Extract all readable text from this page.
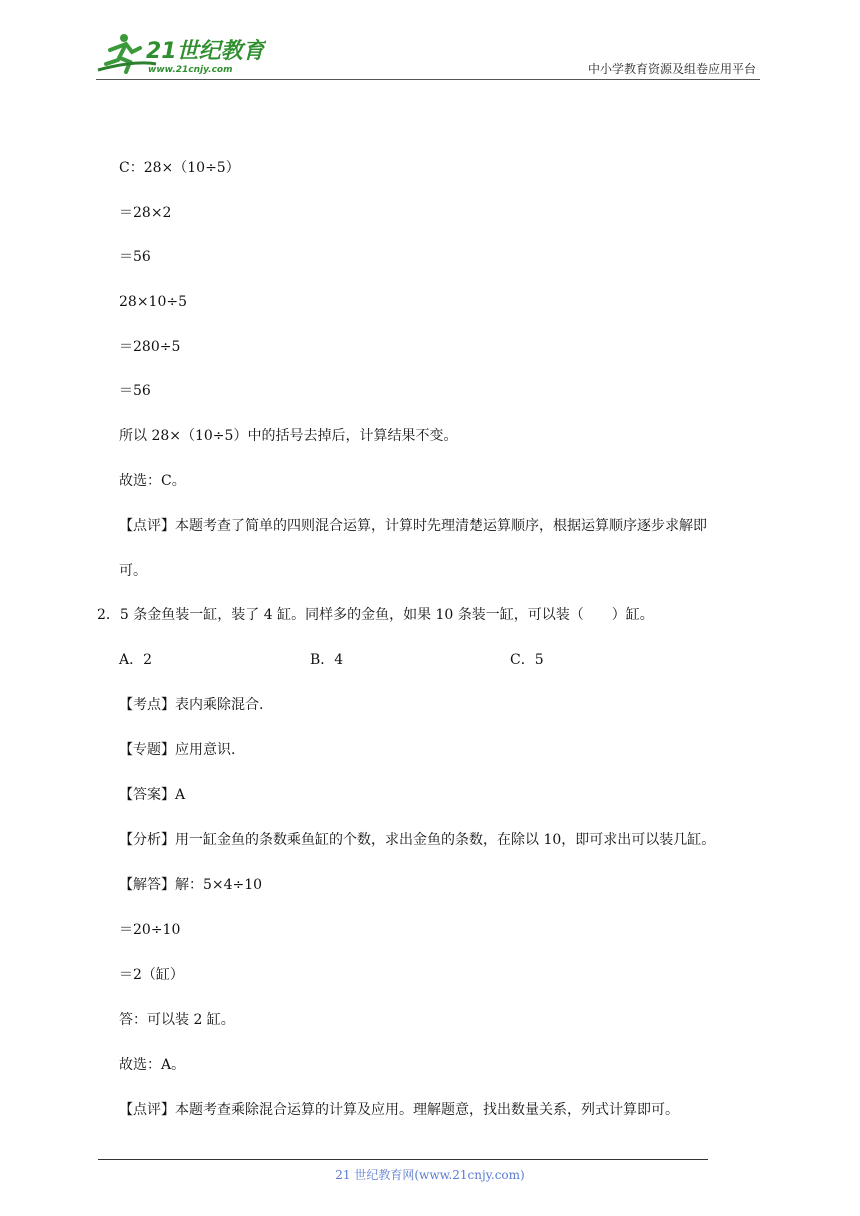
21世纪教育
www.21cnjy.com	中小学教育资源及组卷应用平台
C：28×（10÷5）
＝28×2
＝56
28×10÷5
＝280÷5
＝56
所以 28×（10÷5）中的括号去掉后，计算结果不变。
故选：C。
【点评】本题考查了简单的四则混合运算，计算时先理清楚运算顺序，根据运算顺序逐步求解即
可。
2．5 条金鱼装一缸，装了 4 缸。同样多的金鱼，如果 10 条装一缸，可以装（　　）缸。
A．2	B．4	C．5
【考点】表内乘除混合.
【专题】应用意识.
【答案】A
【分析】用一缸金鱼的条数乘鱼缸的个数，求出金鱼的条数，在除以 10，即可求出可以装几缸。
【解答】解：5×4÷10
＝20÷10
＝2（缸）
答：可以装 2 缸。
故选：A。
【点评】本题考查乘除混合运算的计算及应用。理解题意，找出数量关系，列式计算即可。
21 世纪教育网(www.21cnjy.com)
